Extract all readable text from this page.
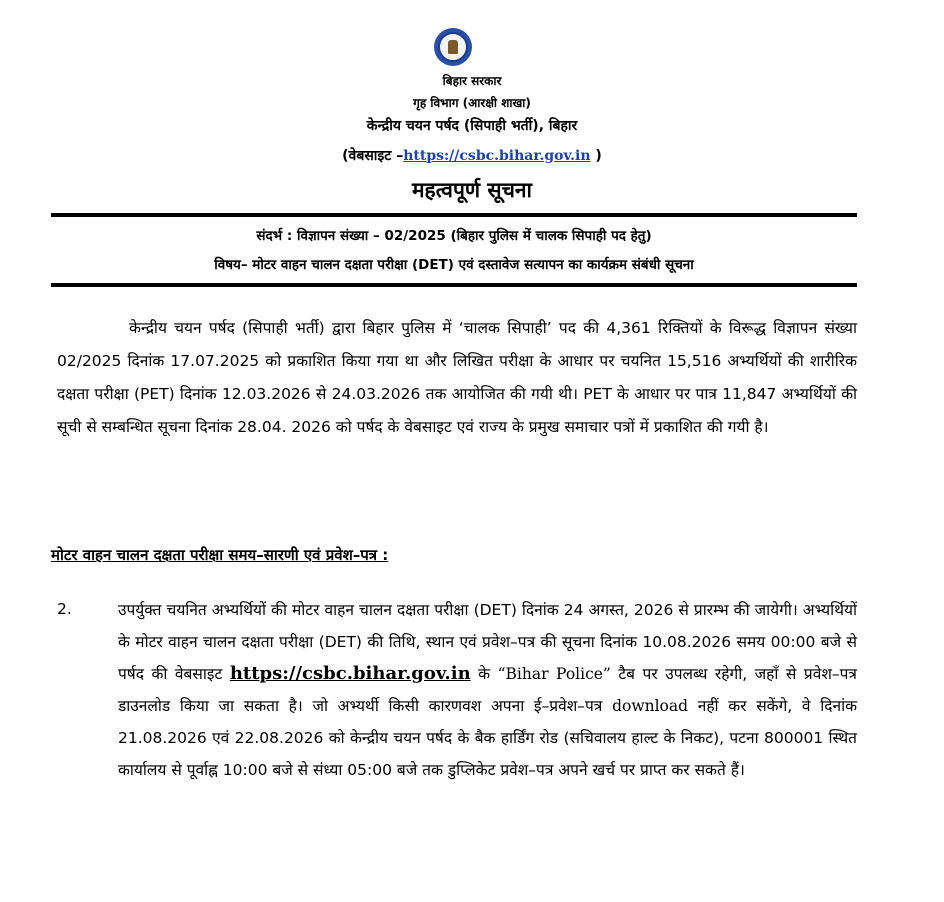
बिहार सरकार
गृह विभाग (आरक्षी शाखा)
केन्द्रीय चयन पर्षद (सिपाही भर्ती), बिहार
(वेबसाइट –https://csbc.bihar.gov.in )
महत्वपूर्ण सूचना
संदर्भ : विज्ञापन संख्या – 02/2025 (बिहार पुलिस में चालक सिपाही पद हेतु)
विषय– मोटर वाहन चालन दक्षता परीक्षा (DET) एवं दस्तावेज सत्यापन का कार्यक्रम संबंधी सूचना
केन्द्रीय चयन पर्षद (सिपाही भर्ती) द्वारा बिहार पुलिस में ‘चालक सिपाही’ पद की 4,361 रिक्तियों के विरूद्ध विज्ञापन संख्या 02/2025 दिनांक 17.07.2025 को प्रकाशित किया गया था और लिखित परीक्षा के आधार पर चयनित 15,516 अभ्यर्थियों की शारीरिक दक्षता परीक्षा (PET) दिनांक 12.03.2026 से 24.03.2026 तक आयोजित की गयी थी। PET के आधार पर पात्र 11,847 अभ्यर्थियों की सूची से सम्बन्धित सूचना दिनांक 28.04. 2026 को पर्षद के वेबसाइट एवं राज्य के प्रमुख समाचार पत्रों में प्रकाशित की गयी है।
मोटर वाहन चालन दक्षता परीक्षा समय–सारणी एवं प्रवेश–पत्र :
2.	उपर्युक्त चयनित अभ्यर्थियों की मोटर वाहन चालन दक्षता परीक्षा (DET) दिनांक 24 अगस्त, 2026 से प्रारम्भ की जायेगी। अभ्यर्थियों के मोटर वाहन चालन दक्षता परीक्षा (DET) की तिथि, स्थान एवं प्रवेश–पत्र की सूचना दिनांक 10.08.2026 समय 00:00 बजे से पर्षद की वेबसाइट https://csbc.bihar.gov.in के “Bihar Police” टैब पर उपलब्ध रहेगी, जहाँ से प्रवेश–पत्र डाउनलोड किया जा सकता है। जो अभ्यर्थी किसी कारणवश अपना ई–प्रवेश–पत्र download नहीं कर सकेंगे, वे दिनांक 21.08.2026 एवं 22.08.2026 को केन्द्रीय चयन पर्षद के बैक हार्डिंग रोड (सचिवालय हाल्ट के निकट), पटना 800001 स्थित कार्यालय से पूर्वाह्न 10:00 बजे से संध्या 05:00 बजे तक डुप्लिकेट प्रवेश–पत्र अपने खर्च पर प्राप्त कर सकते हैं।
